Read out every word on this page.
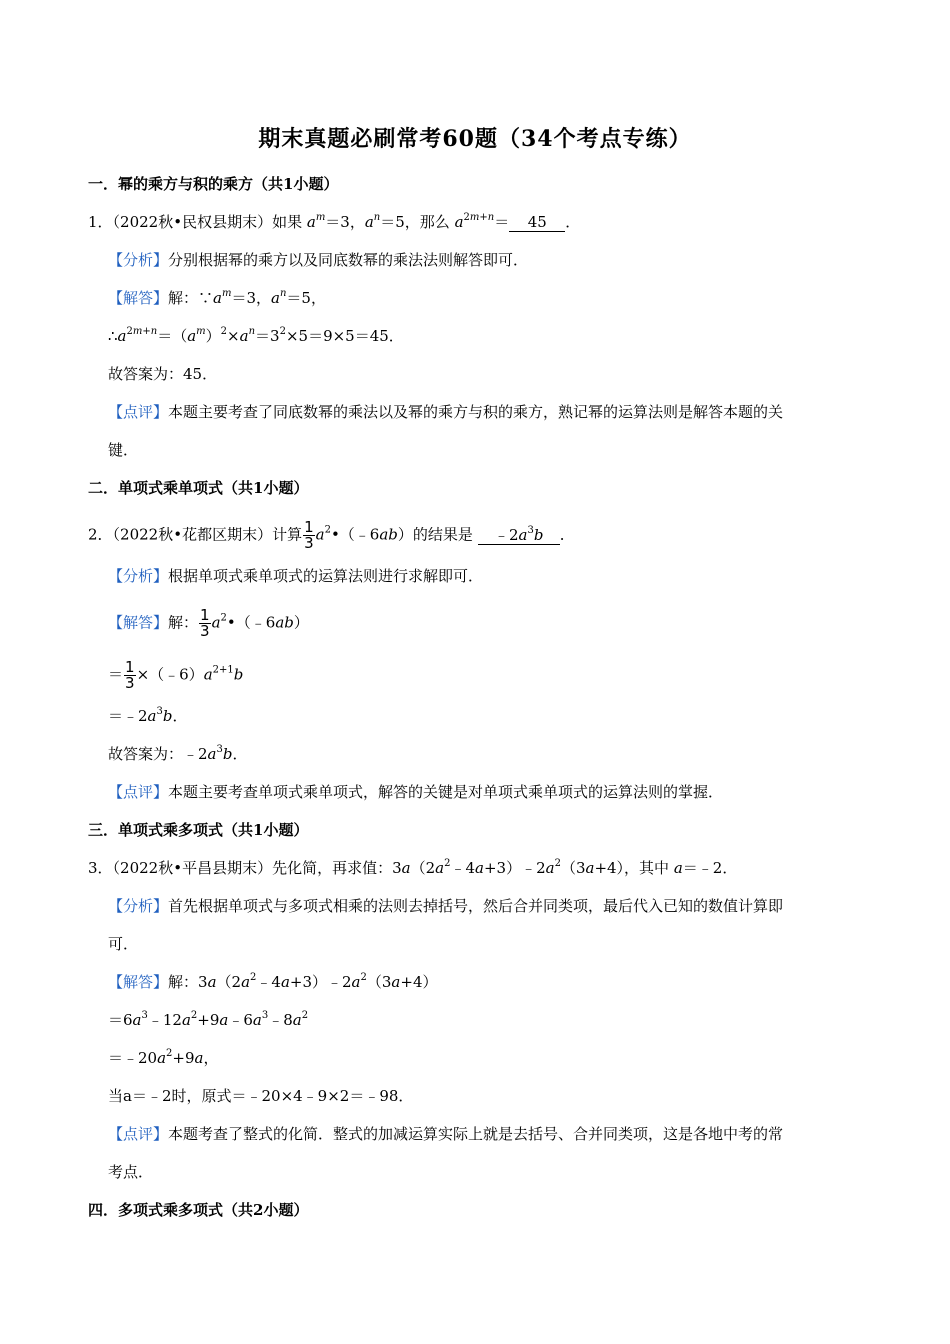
期末真题必刷常考60题（34个考点专练）
一．幂的乘方与积的乘方（共1小题）
1．（2022秋•民权县期末）如果 $a^m=3$，$a^n=5$，那么 $a^{2m+n}= 45$ ．
【分析】分别根据幂的乘方以及同底数幂的乘法法则解答即可．
【解答】解：$\because a^m=3$，$a^n=5$，
$\therefore a^{2m+n}=(a^m)^2\times a^n=3^2\times 5=9\times 5=45$．
故答案为：45．
【点评】本题主要考查了同底数幂的乘法以及幂的乘方与积的乘方，熟记幂的运算法则是解答本题的关
键．
二．单项式乘单项式（共1小题）
2．（2022秋•花都区期末）计算 $\frac{1}{3}$ $a^2•(﹣6ab)$的结果是 $﹣2a^3b$ ．
【分析】根据单项式乘单项式的运算法则进行求解即可．
【解答】解： $\frac{1}{3}$ $a^2•(﹣6ab)$
＝ $\frac{1}{3}$ $\times(﹣6)a^{2+1}b$
$=﹣2a^3b$．
故答案为：$﹣2a^3b$．
【点评】本题主要考查单项式乘单项式，解答的关键是对单项式乘单项式的运算法则的掌握．
三．单项式乘多项式（共1小题）
3．（2022秋•平昌县期末）先化简，再求值：$3a(2a^2﹣4a+3)﹣2a^2(3a+4)$，其中 a＝﹣2．
【分析】首先根据单项式与多项式相乘的法则去掉括号，然后合并同类项，最后代入已知的数值计算即
可．
【解答】解：$3a(2a^2﹣4a+3)﹣2a^2(3a+4)$
$=6a^3﹣12a^2+9a﹣6a^3﹣8a^2$
$=﹣20a^2+9a$，
当a＝﹣2时，原式＝﹣20×4﹣9×2＝﹣98．
【点评】本题考查了整式的化简．整式的加减运算实际上就是去括号、合并同类项，这是各地中考的常
考点．
四．多项式乘多项式（共2小题）
